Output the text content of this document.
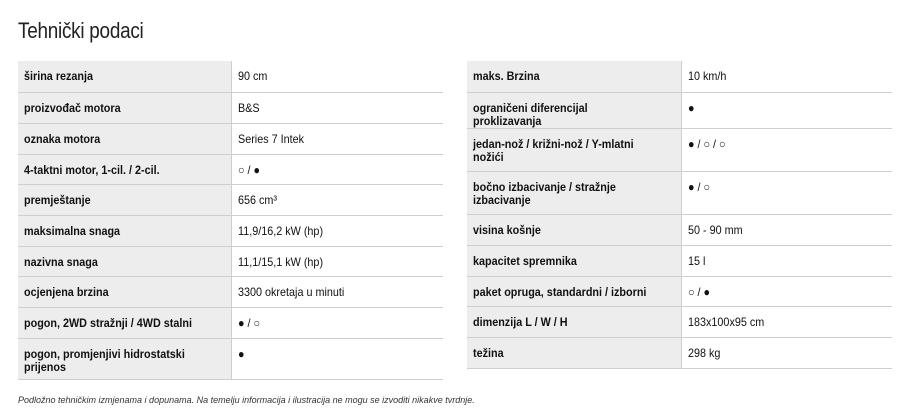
Tehnički podaci
širina rezanja	90 cm
proizvođač motora	B&S
oznaka motora	Series 7 Intek
4-taktni motor, 1-cil. / 2-cil.	○ / ●
premještanje	656 cm³
maksimalna snaga	11,9/16,2 kW (hp)
nazivna snaga	11,1/15,1 kW (hp)
ocjenjena brzina	3300 okretaja u minuti
pogon, 2WD stražnji / 4WD stalni	● / ○
pogon, promjenjivi hidrostatski prijenos	●
maks. Brzina	10 km/h
ograničeni diferencijal proklizavanja	●
jedan-nož / križni-nož / Y-mlatni nožići	● / ○ / ○
bočno izbacivanje / stražnje izbacivanje	● / ○
visina košnje	50 - 90 mm
kapacitet spremnika	15 l
paket opruga, standardni / izborni	○ / ●
dimenzija L / W / H	183x100x95 cm
težina	298 kg
Podložno tehničkim izmjenama i dopunama. Na temelju informacija i ilustracija ne mogu se izvoditi nikakve tvrdnje.
